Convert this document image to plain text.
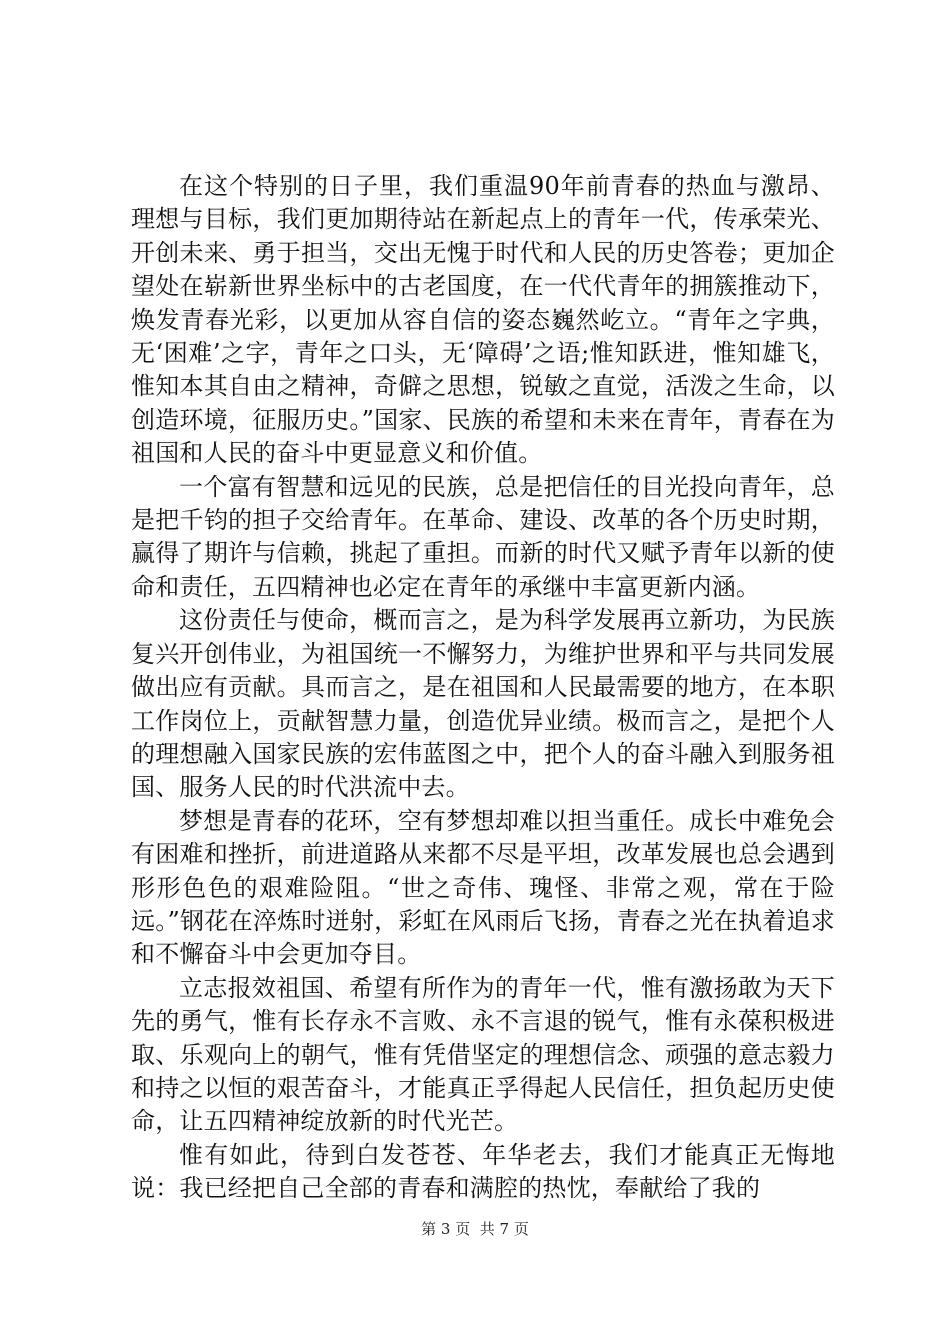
在这个特别的日子里，我们重温90年前青春的热血与激昂、理想与目标，我们更加期待站在新起点上的青年一代，传承荣光、开创未来、勇于担当，交出无愧于时代和人民的历史答卷；更加企望处在崭新世界坐标中的古老国度，在一代代青年的拥簇推动下，焕发青春光彩，以更加从容自信的姿态巍然屹立。“青年之字典，无‘困难’之字，青年之口头，无‘障碍’之语;惟知跃进，惟知雄飞，惟知本其自由之精神，奇僻之思想，锐敏之直觉，活泼之生命，以创造环境，征服历史。”国家、民族的希望和未来在青年，青春在为祖国和人民的奋斗中更显意义和价值。

一个富有智慧和远见的民族，总是把信任的目光投向青年，总是把千钧的担子交给青年。在革命、建设、改革的各个历史时期，赢得了期许与信赖，挑起了重担。而新的时代又赋予青年以新的使命和责任，五四精神也必定在青年的承继中丰富更新内涵。

这份责任与使命，概而言之，是为科学发展再立新功，为民族复兴开创伟业，为祖国统一不懈努力，为维护世界和平与共同发展做出应有贡献。具而言之，是在祖国和人民最需要的地方，在本职工作岗位上，贡献智慧力量，创造优异业绩。极而言之，是把个人的理想融入国家民族的宏伟蓝图之中，把个人的奋斗融入到服务祖国、服务人民的时代洪流中去。

梦想是青春的花环，空有梦想却难以担当重任。成长中难免会有困难和挫折，前进道路从来都不尽是平坦，改革发展也总会遇到形形色色的艰难险阻。“世之奇伟、瑰怪、非常之观，常在于险远。”钢花在淬炼时迸射，彩虹在风雨后飞扬，青春之光在执着追求和不懈奋斗中会更加夺目。

立志报效祖国、希望有所作为的青年一代，惟有激扬敢为天下先的勇气，惟有长存永不言败、永不言退的锐气，惟有永葆积极进取、乐观向上的朝气，惟有凭借坚定的理想信念、顽强的意志毅力和持之以恒的艰苦奋斗，才能真正孚得起人民信任，担负起历史使命，让五四精神绽放新的时代光芒。

惟有如此，待到白发苍苍、年华老去，我们才能真正无悔地说：我已经把自己全部的青春和满腔的热忱，奉献给了我的

第 3 页  共 7 页
